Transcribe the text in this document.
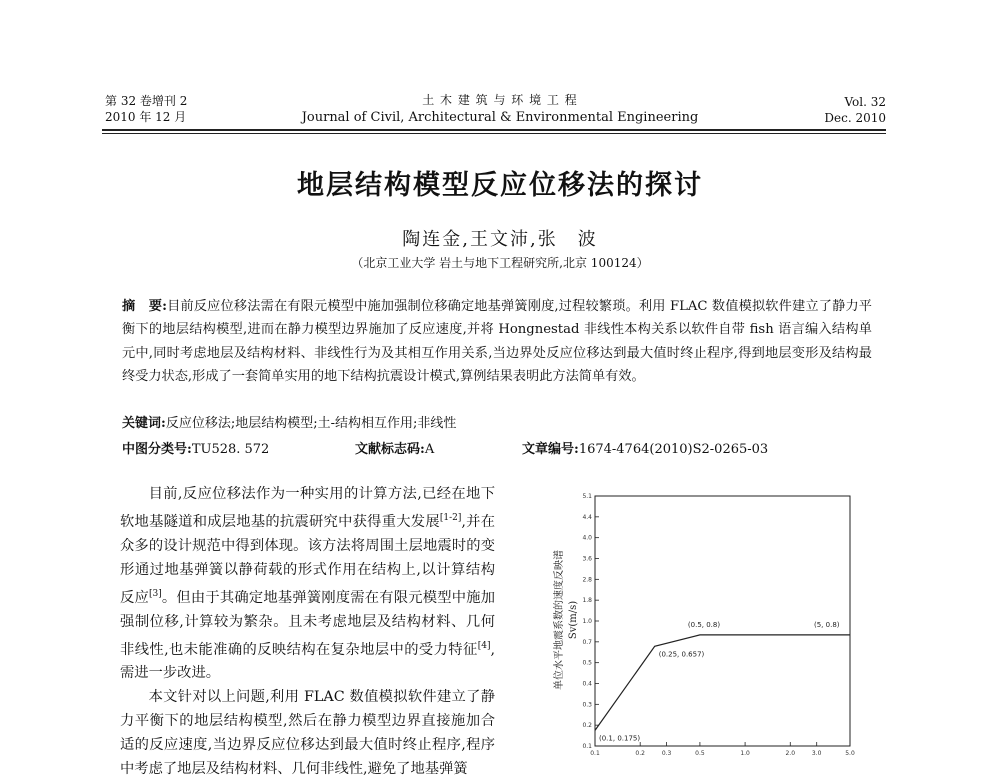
第 32 卷增刊 2
2010 年 12 月
土 木 建 筑 与 环 境 工 程
Journal of Civil, Architectural & Environmental Engineering
Vol. 32
Dec. 2010
地层结构模型反应位移法的探讨
陶连金,王文沛,张　波
（北京工业大学 岩土与地下工程研究所,北京 100124）
摘　要:目前反应位移法需在有限元模型中施加强制位移确定地基弹簧刚度,过程较繁琐。利用 FLAC 数值模拟软件建立了静力平衡下的地层结构模型,进而在静力模型边界施加了反应速度,并将 Hongnestad 非线性本构关系以软件自带 fish 语言编入结构单元中,同时考虑地层及结构材料、非线性行为及其相互作用关系,当边界处反应位移达到最大值时终止程序,得到地层变形及结构最终受力状态,形成了一套简单实用的地下结构抗震设计模式,算例结果表明此方法简单有效。
关键词:反应位移法;地层结构模型;土-结构相互作用;非线性
中图分类号:TU528. 572	文献标志码:A	文章编号:1674-4764(2010)S2-0265-03

目前,反应位移法作为一种实用的计算方法,已经在地下软地基隧道和成层地基的抗震研究中获得重大发展[1-2],并在众多的设计规范中得到体现。该方法将周围土层地震时的变形通过地基弹簧以静荷载的形式作用在结构上,以计算结构反应[3]。但由于其确定地基弹簧刚度需在有限元模型中施加强制位移,计算较为繁杂。且未考虑地层及结构材料、几何非线性,也未能准确的反映结构在复杂地层中的受力特征[4],需进一步改进。

本文针对以上问题,利用 FLAC 数值模拟软件建立了静力平衡下的地层结构模型,然后在静力模型边界直接施加合适的反应速度,当边界反应位移达到最大值时终止程序,程序中考虑了地层及结构材料、几何非线性,避免了地基弹簧

5.1
4.4
4.0
3.6
2.8
1.8
1.0
0.7
0.5
0.4
0.3
0.2
0.1
0.1	0.2	0.3	0.5	1.0	2.0	3.0	5.0
(0.1, 0.175)
(0.25, 0.657)
(0.5, 0.8)	(5, 0.8)
单位水平地震系数的速度反映谱 Sv(m/s)
